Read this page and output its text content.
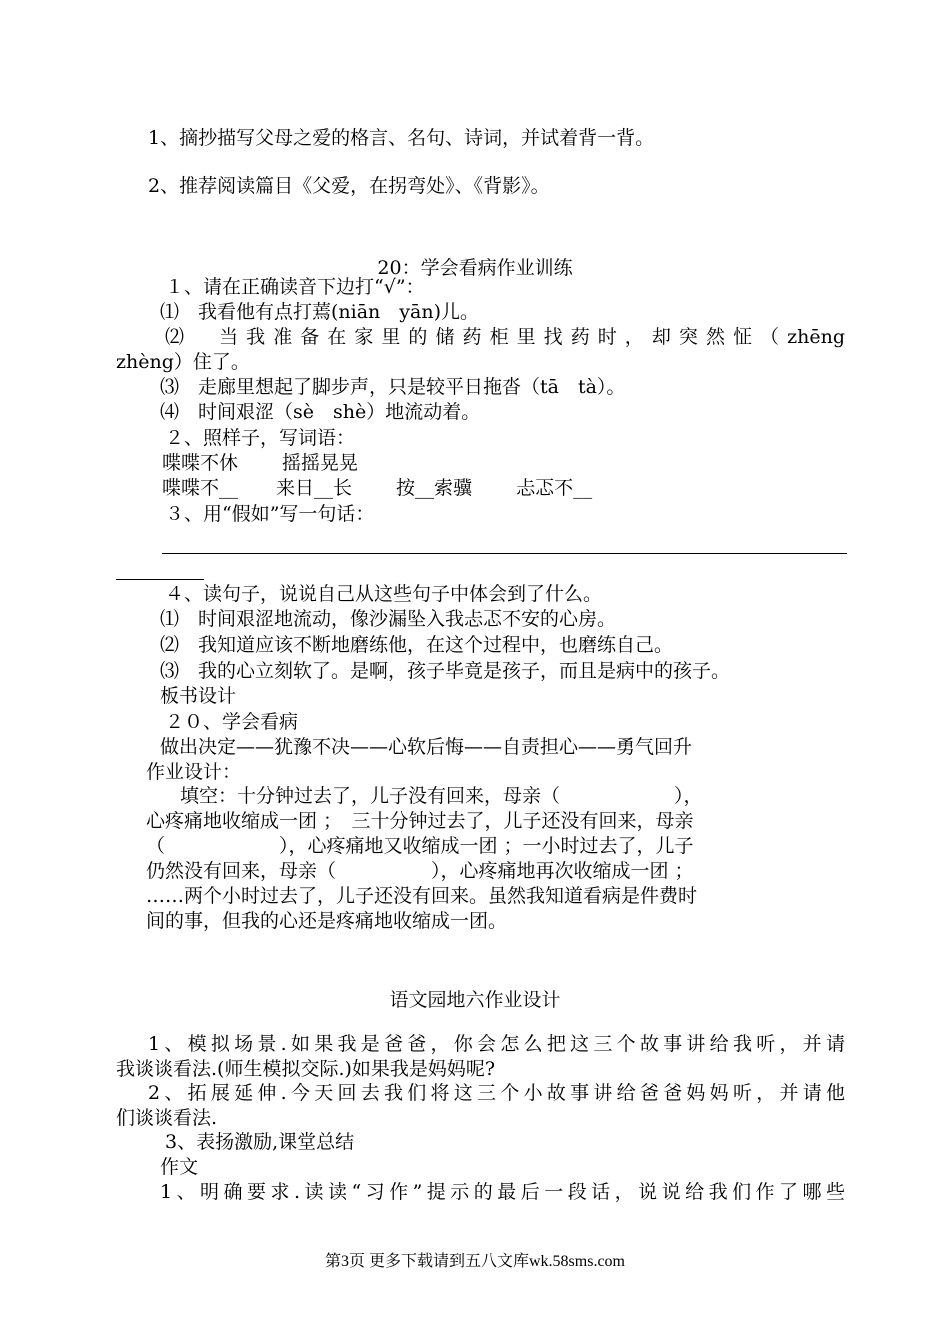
1、摘抄描写父母之爱的格言、名句、诗词，并试着背一背。
2、推荐阅读篇目《父爱，在拐弯处》、《背影》。
20：学会看病作业训练
１、请在正确读音下边打“√”：
⑴　我看他有点打蔫(niān　yān)儿。
⑵　当我准备在家里的储药柜里找药时，却突然怔（zhēng
zhèng）住了。
⑶　走廊里想起了脚步声，只是较平日拖沓（tā　tà）。
⑷　时间艰涩（sè　shè）地流动着。
２、照样子，写词语：
喋喋不休　　 摇摇晃晃
喋喋不__　　来日__长　　 按__索骥　　 忐忑不__
３、用“假如”写一句话：
４、读句子，说说自己从这些句子中体会到了什么。
⑴　时间艰涩地流动，像沙漏坠入我忐忑不安的心房。
⑵　我知道应该不断地磨练他，在这个过程中，也磨练自己。
⑶　我的心立刻软了。是啊，孩子毕竟是孩子，而且是病中的孩子。
板书设计
２０、学会看病
做出决定——犹豫不决——心软后悔——自责担心——勇气回升
作业设计：
填空：十分钟过去了，儿子没有回来，母亲（　　　　　　），
心疼痛地收缩成一团 ；　三十分钟过去了，儿子还没有回来，母亲
（　　　　　　），心疼痛地又收缩成一团 ；一小时过去了，儿子
仍然没有回来，母亲（　　　　　），心疼痛地再次收缩成一团 ；
……两个小时过去了，儿子还没有回来。虽然我知道看病是件费时
间的事，但我的心还是疼痛地收缩成一团。
语文园地六作业设计
1、模拟场景.如果我是爸爸，你会怎么把这三个故事讲给我听，并请
我谈谈看法.(师生模拟交际.)如果我是妈妈呢?
2、拓展延伸.今天回去我们将这三个小故事讲给爸爸妈妈听，并请他
们谈谈看法.
3、表扬激励,课堂总结
作文
1、明确要求.读读“习作”提示的最后一段话，说说给我们作了哪些
第3页 更多下载请到五八文库wk.58sms.com
